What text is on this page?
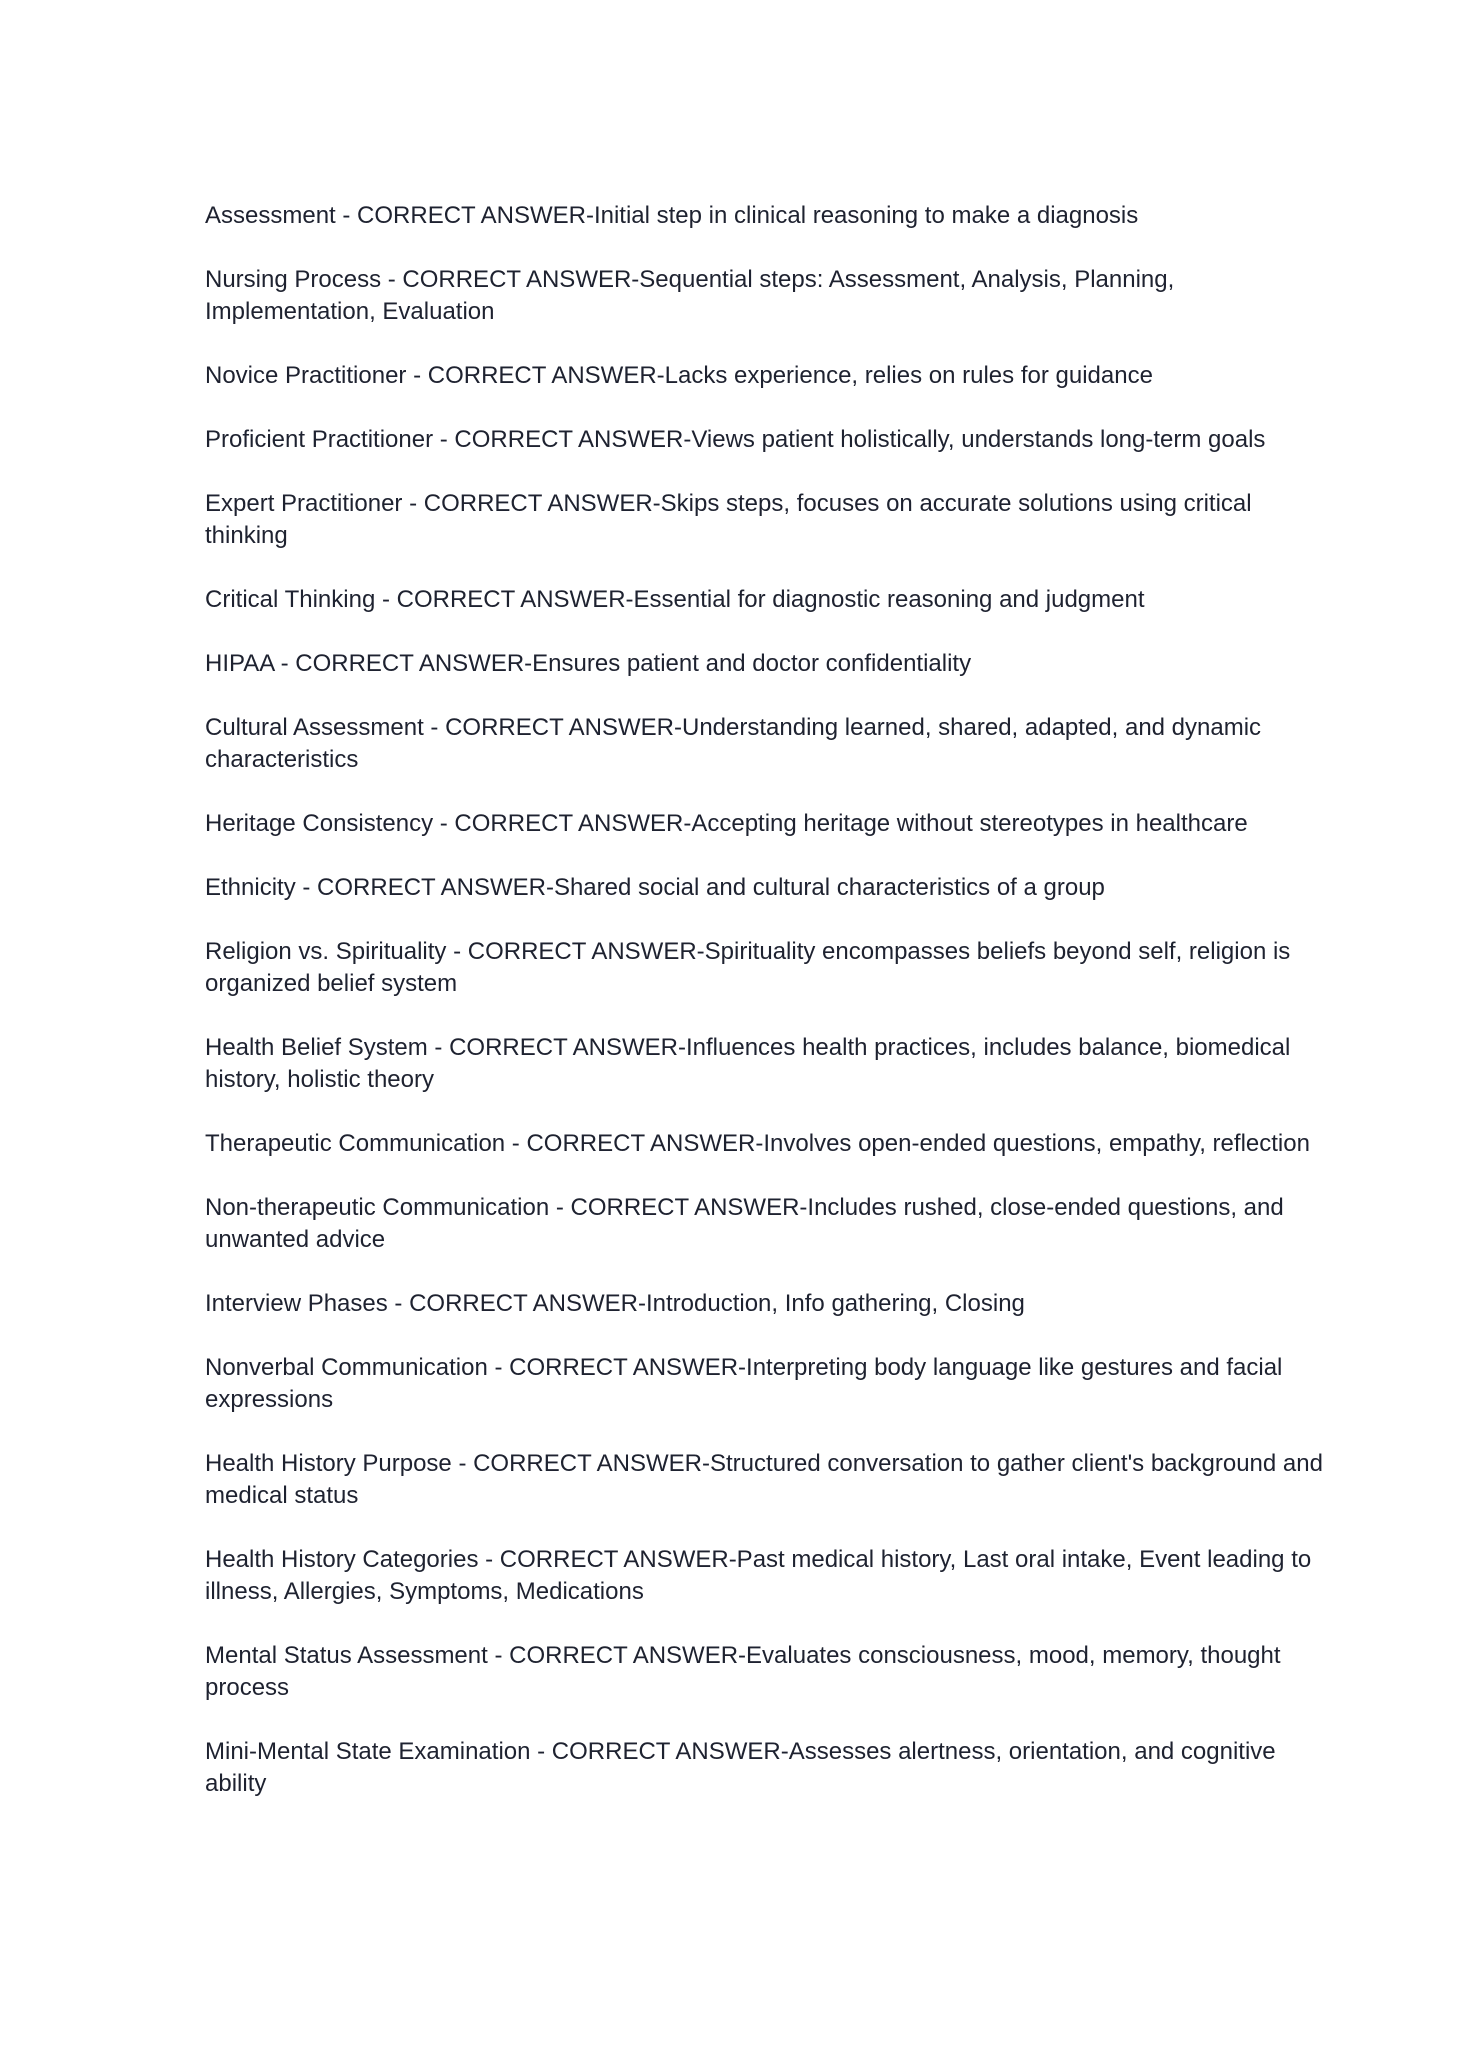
Assessment - CORRECT ANSWER-Initial step in clinical reasoning to make a diagnosis
Nursing Process - CORRECT ANSWER-Sequential steps: Assessment, Analysis, Planning, Implementation, Evaluation
Novice Practitioner - CORRECT ANSWER-Lacks experience, relies on rules for guidance
Proficient Practitioner - CORRECT ANSWER-Views patient holistically, understands long-term goals
Expert Practitioner - CORRECT ANSWER-Skips steps, focuses on accurate solutions using critical thinking
Critical Thinking - CORRECT ANSWER-Essential for diagnostic reasoning and judgment
HIPAA - CORRECT ANSWER-Ensures patient and doctor confidentiality
Cultural Assessment - CORRECT ANSWER-Understanding learned, shared, adapted, and dynamic characteristics
Heritage Consistency - CORRECT ANSWER-Accepting heritage without stereotypes in healthcare
Ethnicity - CORRECT ANSWER-Shared social and cultural characteristics of a group
Religion vs. Spirituality - CORRECT ANSWER-Spirituality encompasses beliefs beyond self, religion is organized belief system
Health Belief System - CORRECT ANSWER-Influences health practices, includes balance, biomedical history, holistic theory
Therapeutic Communication - CORRECT ANSWER-Involves open-ended questions, empathy, reflection
Non-therapeutic Communication - CORRECT ANSWER-Includes rushed, close-ended questions, and unwanted advice
Interview Phases - CORRECT ANSWER-Introduction, Info gathering, Closing
Nonverbal Communication - CORRECT ANSWER-Interpreting body language like gestures and facial expressions
Health History Purpose - CORRECT ANSWER-Structured conversation to gather client's background and medical status
Health History Categories - CORRECT ANSWER-Past medical history, Last oral intake, Event leading to illness, Allergies, Symptoms, Medications
Mental Status Assessment - CORRECT ANSWER-Evaluates consciousness, mood, memory, thought process
Mini-Mental State Examination - CORRECT ANSWER-Assesses alertness, orientation, and cognitive ability
